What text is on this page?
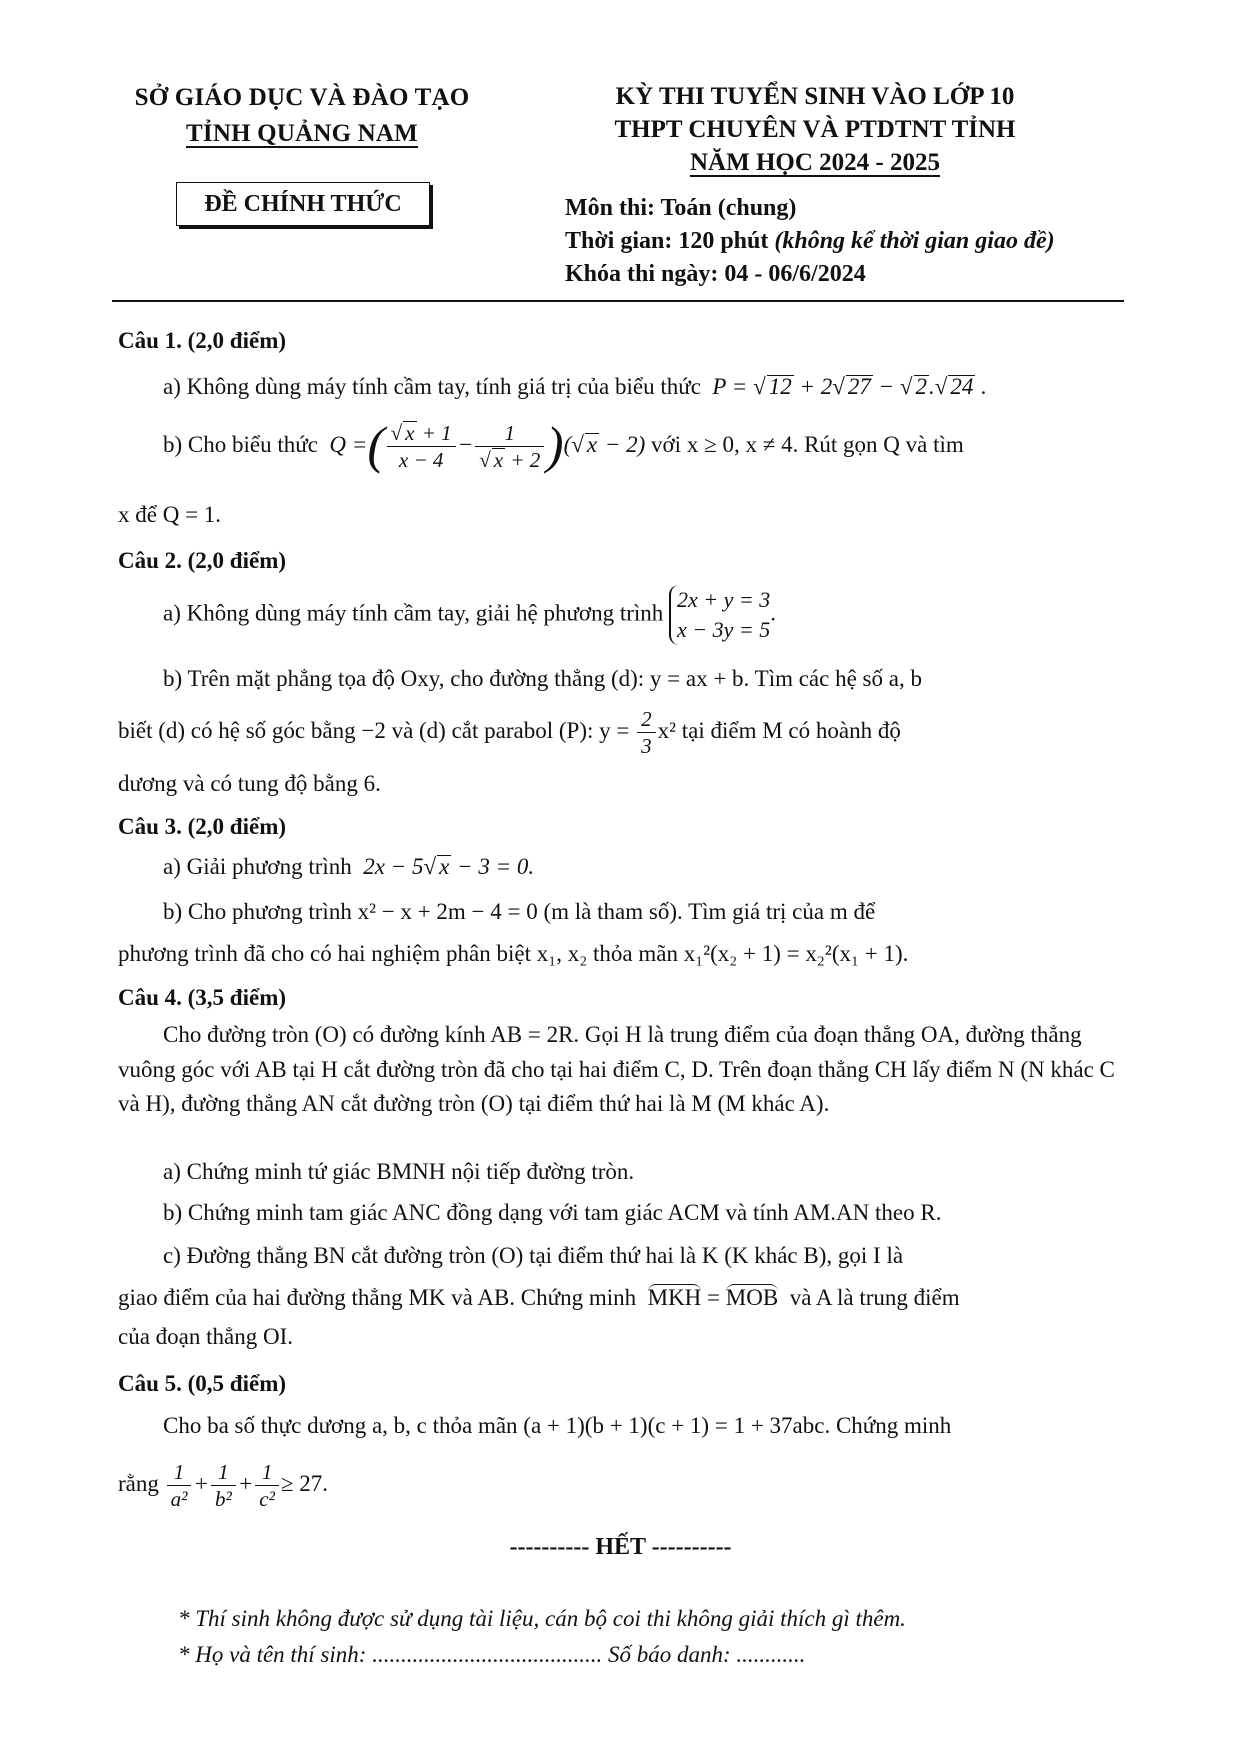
SỞ GIÁO DỤC VÀ ĐÀO TẠO
TỈNH QUẢNG NAM
ĐỀ CHÍNH THỨC
KỲ THI TUYỂN SINH VÀO LỚP 10
THPT CHUYÊN VÀ PTDTNT TỈNH
NĂM HỌC 2024 - 2025
Môn thi: Toán (chung)
Thời gian: 120 phút (không kể thời gian giao đề)
Khóa thi ngày: 04 - 06/6/2024
Câu 1. (2,0 điểm)
a) Không dùng máy tính cầm tay, tính giá trị của biểu thức  P = √ 12 + 2√ 27 − √ 2.√ 24 .
b) Cho biểu thức  Q =( $\frac{√ x + 1}{x - 4} - \frac{1}{√ x + 2}$ )(√ x − 2) với x ≥ 0, x ≠ 4. Rút gọn Q và tìm
x để Q = 1.
Câu 2. (2,0 điểm)
a) Không dùng máy tính cầm tay, giải hệ phương trình
2x + y = 3
x − 3y = 5
.
b) Trên mặt phẳng tọa độ Oxy, cho đường thẳng (d): y = ax + b. Tìm các hệ số a, b
biết (d) có hệ số góc bằng −2 và (d) cắt parabol (P): $y = \frac{2}{3} x^2$ tại điểm M có hoành độ
dương và có tung độ bằng 6.
Câu 3. (2,0 điểm)
a) Giải phương trình  2x − 5√ x − 3 = 0.
b) Cho phương trình x² − x + 2m − 4 = 0 (m là tham số). Tìm giá trị của m để
phương trình đã cho có hai nghiệm phân biệt x₁, x₂ thỏa mãn x₁²(x₂ + 1) = x₂²(x₁ + 1).
Câu 4. (3,5 điểm)
Cho đường tròn (O) có đường kính AB = 2R. Gọi H là trung điểm của đoạn thẳng OA, đường thẳng vuông góc với AB tại H cắt đường tròn đã cho tại hai điểm C, D. Trên đoạn thẳng CH lấy điểm N (N khác C và H), đường thẳng AN cắt đường tròn (O) tại điểm thứ hai là M (M khác A).
a) Chứng minh tứ giác BMNH nội tiếp đường tròn.
b) Chứng minh tam giác ANC đồng dạng với tam giác ACM và tính AM.AN theo R.
c) Đường thẳng BN cắt đường tròn (O) tại điểm thứ hai là K (K khác B), gọi I là
giao điểm của hai đường thẳng MK và AB. Chứng minh MKH = MOB và A là trung điểm
của đoạn thẳng OI.
Câu 5. (0,5 điểm)
Cho ba số thực dương a, b, c thỏa mãn (a + 1)(b + 1)(c + 1) = 1 + 37abc. Chứng minh
rằng $\frac{1}{\text{a²}} + \frac{1}{\text{b²}} + \frac{1}{\text{c²}} \ge 27$.
---------- HẾT ----------
* Thí sinh không được sử dụng tài liệu, cán bộ coi thi không giải thích gì thêm.
* Họ và tên thí sinh: ........................................ Số báo danh: ............
